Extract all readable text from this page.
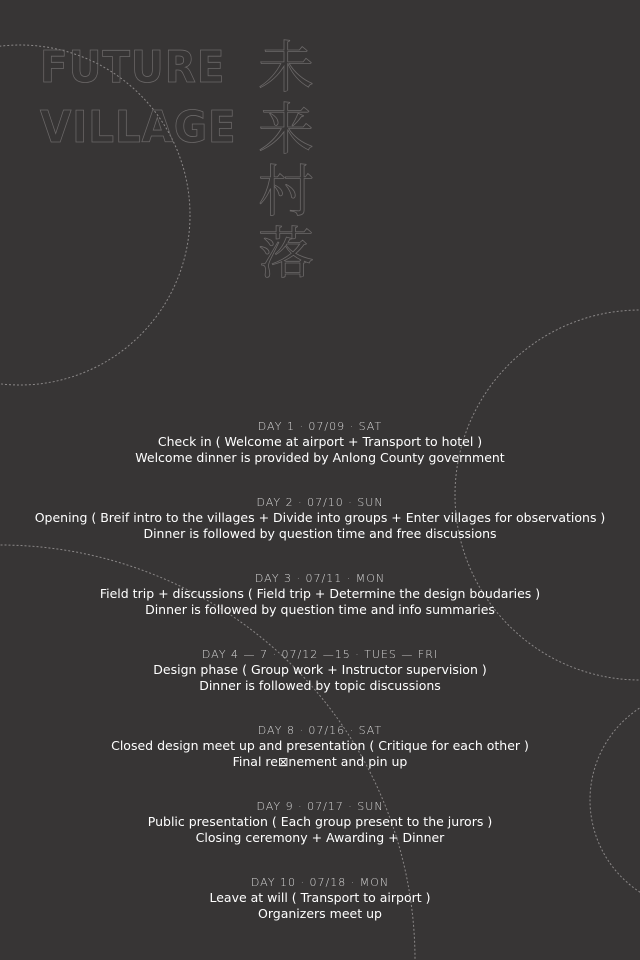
FUTURE
VILLAGE
未来
村落
DAY 1 · 07/09 · SAT
Check in ( Welcome at airport + Transport to hotel )
Welcome dinner is provided by Anlong County government
DAY 2 · 07/10 · SUN
Opening ( Breif intro to the villages + Divide into groups + Enter villages for observations )
Dinner is followed by question time and free discussions
DAY 3 · 07/11 · MON
Field trip + discussions ( Field trip + Determine the design boudaries )
Dinner is followed by question time and info summaries
DAY 4 — 7 · 07/12 —15 · TUES — FRI
Design phase ( Group work + Instructor supervision )
Dinner is followed by topic discussions
DAY 8 · 07/16 · SAT
Closed design meet up and presentation ( Critique for each other )
Final re⊠nement and pin up
DAY 9 · 07/17 · SUN
Public presentation ( Each group present to the jurors )
Closing ceremony + Awarding + Dinner
DAY 10 · 07/18 · MON
Leave at will ( Transport to airport )
Organizers meet up
